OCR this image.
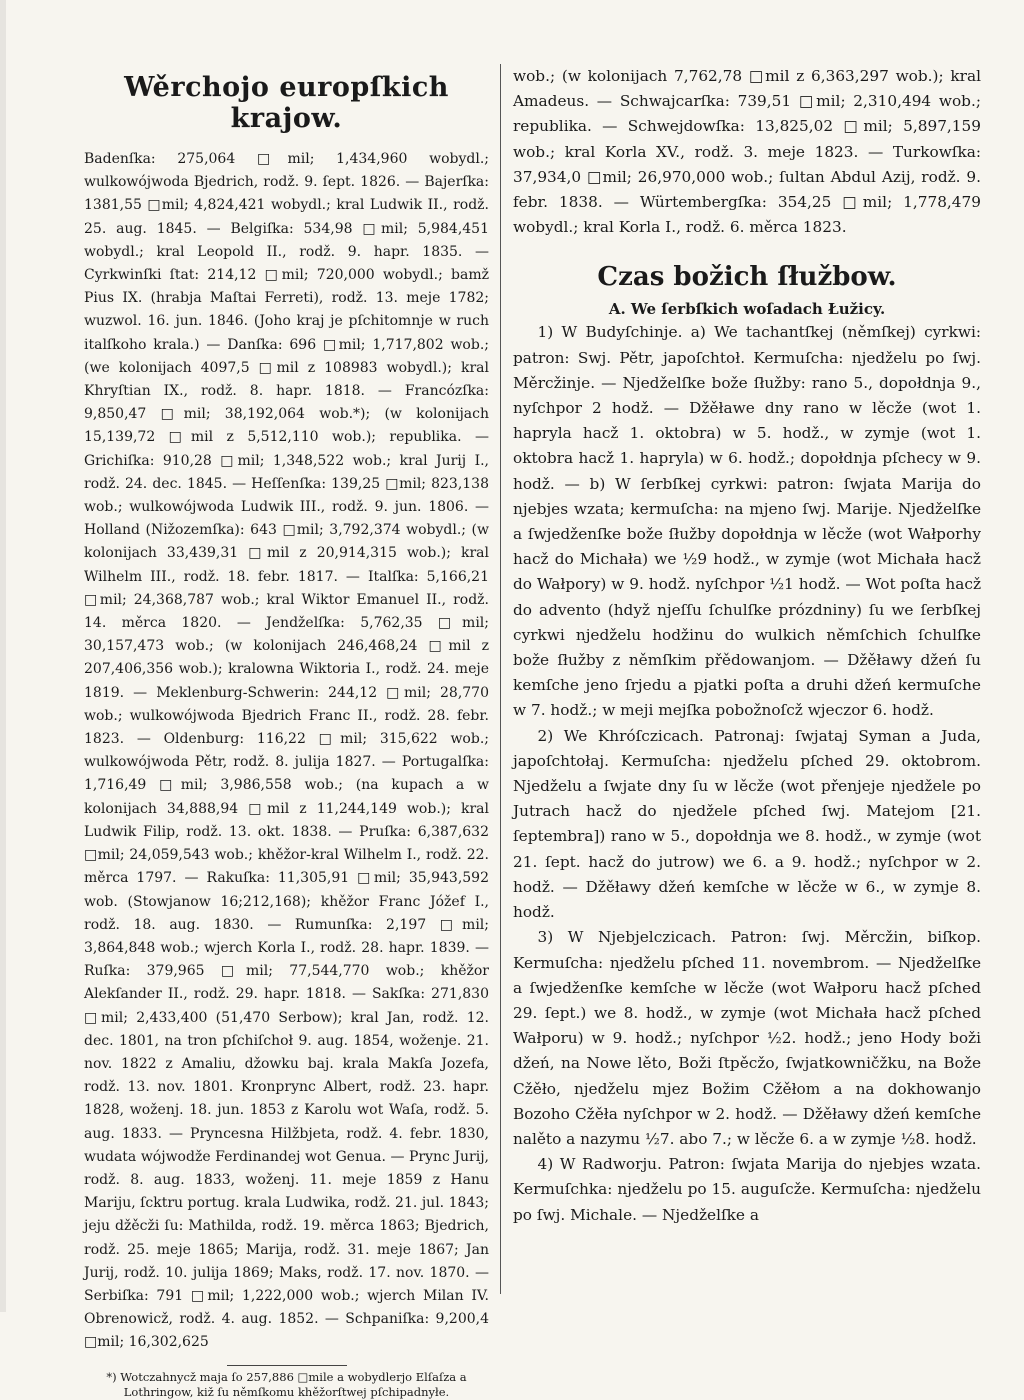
Wěrchojo europſkich krajow.

Badenſka: 275,064 □mil; 1,434,960 wobydl.; wulkowójwoda Bjedrich, rodž. 9. ſept. 1826. — Bajerſka: 1381,55 □mil; 4,824,421 wobydl.; kral Ludwik II., rodž. 25. aug. 1845. — Belgiſka: 534,98 □mil; 5,984,451 wobydl.; kral Leopold II., rodž. 9. hapr. 1835. — Cyrkwinſki ſtat: 214,12 □mil; 720,000 wobydl.; bamž Pius IX. (hrabja Maſtai Ferreti), rodž. 13. meje 1782; wuzwol. 16. jun. 1846. (Joho kraj je pſchitomnje w ruch italſkoho krala.) — Danſka: 696 □mil; 1,717,802 wob.; (we kolonijach 4097,5 □mil z 108983 wobydl.); kral Khryſtian IX., rodž. 8. hapr. 1818. — Francózſka: 9,850,47 □mil; 38,192,064 wob.*); (w kolonijach 15,139,72 □mil z 5,512,110 wob.); republika. — Grichiſka: 910,28 □mil; 1,348,522 wob.; kral Jurij I., rodž. 24. dec. 1845. — Heſſenſka: 139,25 □mil; 823,138 wob.; wulkowójwoda Ludwik III., rodž. 9. jun. 1806. — Holland (Nižozemſka): 643 □mil; 3,792,374 wobydl.; (w kolonijach 33,439,31 □mil z 20,914,315 wob.); kral Wilhelm III., rodž. 18. febr. 1817. — Italſka: 5,166,21 □mil; 24,368,787 wob.; kral Wiktor Emanuel II., rodž. 14. měrca 1820. — Jendželſka: 5,762,35 □mil; 30,157,473 wob.; (w kolonijach 246,468,24 □mil z 207,406,356 wob.); kralowna Wiktoria I., rodž. 24. meje 1819. — Meklenburg-Schwerin: 244,12 □mil; 28,770 wob.; wulkowójwoda Bjedrich Franc II., rodž. 28. febr. 1823. — Oldenburg: 116,22 □mil; 315,622 wob.; wulkowójwoda Pětr, rodž. 8. julija 1827. — Portugalſka: 1,716,49 □mil; 3,986,558 wob.; (na kupach a w kolonijach 34,888,94 □mil z 11,244,149 wob.); kral Ludwik Filip, rodž. 13. okt. 1838. — Pruſka: 6,387,632 □mil; 24,059,543 wob.; khěžor-kral Wilhelm I., rodž. 22. měrca 1797. — Rakuſka: 11,305,91 □mil; 35,943,592 wob. (Stowjanow 16;212,168); khěžor Franc Jóžef I., rodž. 18. aug. 1830. — Rumunſka: 2,197 □mil; 3,864,848 wob.; wjerch Korla I., rodž. 28. hapr. 1839. — Ruſka: 379,965 □mil; 77,544,770 wob.; khěžor Alekſander II., rodž. 29. hapr. 1818. — Sakſka: 271,830 □mil; 2,433,400 (51,470 Serbow); kral Jan, rodž. 12. dec. 1801, na tron pſchiſchoł 9. aug. 1854, woženje. 21. nov. 1822 z Amaliu, džowku baj. krala Makſa Jozefa, rodž. 13. nov. 1801. Kronprync Albert, rodž. 23. hapr. 1828, woženj. 18. jun. 1853 z Karolu wot Waſa, rodž. 5. aug. 1833. — Pryncesna Hilžbjeta, rodž. 4. febr. 1830, wudata wójwodže Ferdinandej wot Genua. — Prync Jurij, rodž. 8. aug. 1833, woženj. 11. meje 1859 z Hanu Mariju, ſcktru portug. krala Ludwika, rodž. 21. jul. 1843; jeju džěcži ſu: Mathilda, rodž. 19. měrca 1863; Bjedrich, rodž. 25. meje 1865; Marija, rodž. 31. meje 1867; Jan Jurij, rodž. 10. julija 1869; Maks, rodž. 17. nov. 1870. — Serbiſka: 791 □mil; 1,222,000 wob.; wjerch Milan IV. Obrenowicž, rodž. 4. aug. 1852. — Schpaniſka: 9,200,4 □mil; 16,302,625

*) Wotczahnycž maja ſo 257,886 □mile a wobydlerjo Elſaſza a Lothringow, kiž ſu němſkomu khěžorſtwej pſchipadnyłe.

wob.; (w kolonijach 7,762,78 □mil z 6,363,297 wob.); kral Amadeus. — Schwajcarſka: 739,51 □mil; 2,310,494 wob.; republika. — Schwejdowſka: 13,825,02 □mil; 5,897,159 wob.; kral Korla XV., rodž. 3. meje 1823. — Turkowſka: 37,934,0 □mil; 26,970,000 wob.; ſultan Abdul Azij, rodž. 9. febr. 1838. — Würtembergſka: 354,25 □mil; 1,778,479 wobydl.; kral Korla I., rodž. 6. měrca 1823.

Czas božich ſłužbow.
A. We ſerbſkich woſadach Łužicy.

1) W Budyſchinje. a) We tachantſkej (němſkej) cyrkwi: patron: Swj. Pětr, japoſchtoł. Kermuſcha: njedželu po ſwj. Měrcžinje. — Njedželſke bože ſłužby: rano 5., dopołdnja 9., nyſchpor 2 hodž. — Džěławe dny rano w lěcže (wot 1. hapryla hacž 1. oktobra) w 5. hodž., w zymje (wot 1. oktobra hacž 1. hapryla) w 6. hodž.; dopołdnja pſchecy w 9. hodž. — b) W ſerbſkej cyrkwi: patron: ſwjata Marija do njebjes wzata; kermuſcha: na mjeno ſwj. Marije. Njedželſke a ſwjedženſke bože ſłužby dopołdnja w lěcže (wot Wałporhy hacž do Michała) we ½9 hodž., w zymje (wot Michała hacž do Wałpory) w 9. hodž. nyſchpor ½1 hodž. — Wot poſta hacž do advento (hdyž njeſſu ſchulſke prózdniny) ſu we ſerbſkej cyrkwi njedželu hodžinu do wulkich němſchich ſchulſke bože ſłužby z němſkim přědowanjom. — Džěławy džeń ſu kemſche jeno ſrjedu a pjatki poſta a druhi džeń kermuſche w 7. hodž.; w meji mejſka pobožnoſcž wjeczor 6. hodž.

2) We Khróſczicach. Patronaj: ſwjataj Syman a Juda, japoſchtołaj. Kermuſcha: njedželu pſched 29. oktobrom. Njedželu a ſwjate dny ſu w lěcže (wot přenjeje njedžele po Jutrach hacž do njedžele pſched ſwj. Matejom [21. ſeptembra]) rano w 5., dopołdnja we 8. hodž., w zymje (wot 21. ſept. hacž do jutrow) we 6. a 9. hodž.; nyſchpor w 2. hodž. — Džěławy džeń kemſche w lěcže w 6., w zymje 8. hodž.

3) W Njebjelczicach. Patron: ſwj. Měrcžin, biſkop. Kermuſcha: njedželu pſched 11. novembrom. — Njedželſke a ſwjedženſke kemſche w lěcže (wot Wałporu hacž pſched 29. ſept.) we 8. hodž., w zymje (wot Michała hacž pſched Wałporu) w 9. hodž.; nyſchpor ½2. hodž.; jeno Hody boži džeń, na Nowe lěto, Boži ſtpěcžo, ſwjatkowničžku, na Bože Cžěło, njedželu mjez Božim Cžěłom a na dokhowanjo Bozoho Cžěła nyſchpor w 2. hodž. — Džěławy džeń kemſche nalěto a nazymu ½7. abo 7.; w lěcže 6. a w zymje ½8. hodž.

4) W Radworju. Patron: ſwjata Marija do njebjes wzata. Kermuſchka: njedželu po 15. auguſcže. Kermuſcha: njedželu po ſwj. Michale. — Njedželſke a
